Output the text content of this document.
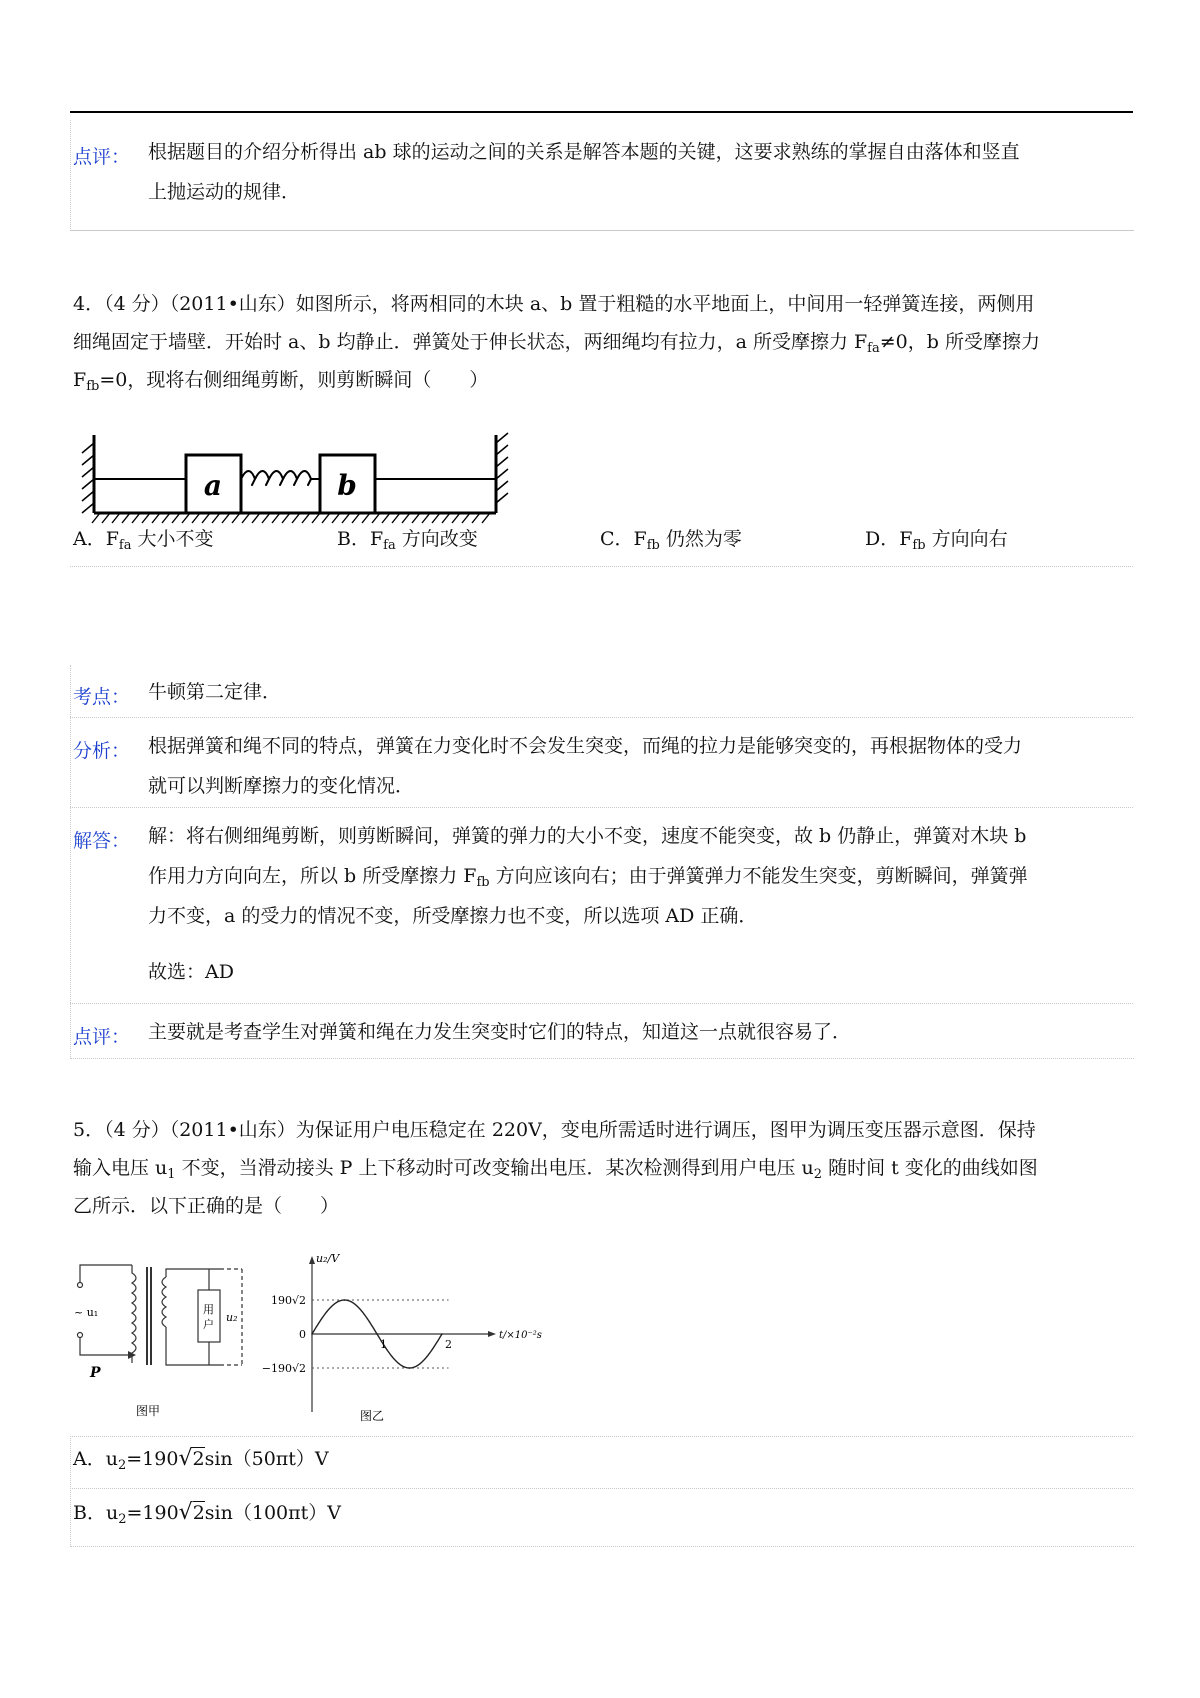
点评： 根据题目的介绍分析得出 ab 球的运动之间的关系是解答本题的关键，这要求熟练的掌握自由落体和竖直
上抛运动的规律．
4．（4 分）（2011•山东）如图所示，将两相同的木块 a、b 置于粗糙的水平地面上，中间用一轻弹簧连接，两侧用
细绳固定于墙壁．开始时 a、b 均静止．弹簧处于伸长状态，两细绳均有拉力，a 所受摩擦力 $F_{fa}\ne 0$，b 所受摩擦力
$F_{fb}=0$，现将右侧细绳剪断，则剪断瞬间（　　）
a	b
A．$F_{fa}$ 大小不变	B．$F_{fa}$ 方向改变	C．$F_{fb}$ 仍然为零	D．$F_{fb}$ 方向向右
考点： 牛顿第二定律．
分析： 根据弹簧和绳不同的特点，弹簧在力变化时不会发生突变，而绳的拉力是能够突变的，再根据物体的受力
就可以判断摩擦力的变化情况．
解答： 解：将右侧细绳剪断，则剪断瞬间，弹簧的弹力的大小不变，速度不能突变，故 b 仍静止，弹簧对木块 b
作用力方向向左，所以 b 所受摩擦力 $F_{fb}$ 方向应该向右；由于弹簧弹力不能发生突变，剪断瞬间，弹簧弹
力不变，a 的受力的情况不变，所受摩擦力也不变，所以选项 AD 正确．
故选：AD
点评： 主要就是考查学生对弹簧和绳在力发生突变时它们的特点，知道这一点就很容易了．
5．（4 分）（2011•山东）为保证用户电压稳定在 220V，变电所需适时进行调压，图甲为调压变压器示意图．保持
输入电压 $u_1$ 不变，当滑动接头 P 上下移动时可改变输出电压．某次检测得到用户电压 $u_2$ 随时间 t 变化的曲线如图
乙所示．以下正确的是（　　）
~ u₁
P
用
户
u₂
图甲
u₂/V
190√2
0
−190√2
1	2
t/×10⁻²s
图乙
A．$u_2=190√2\sin(50\pi t)V$
B．$u_2=190√2\sin(100\pi t)V$
